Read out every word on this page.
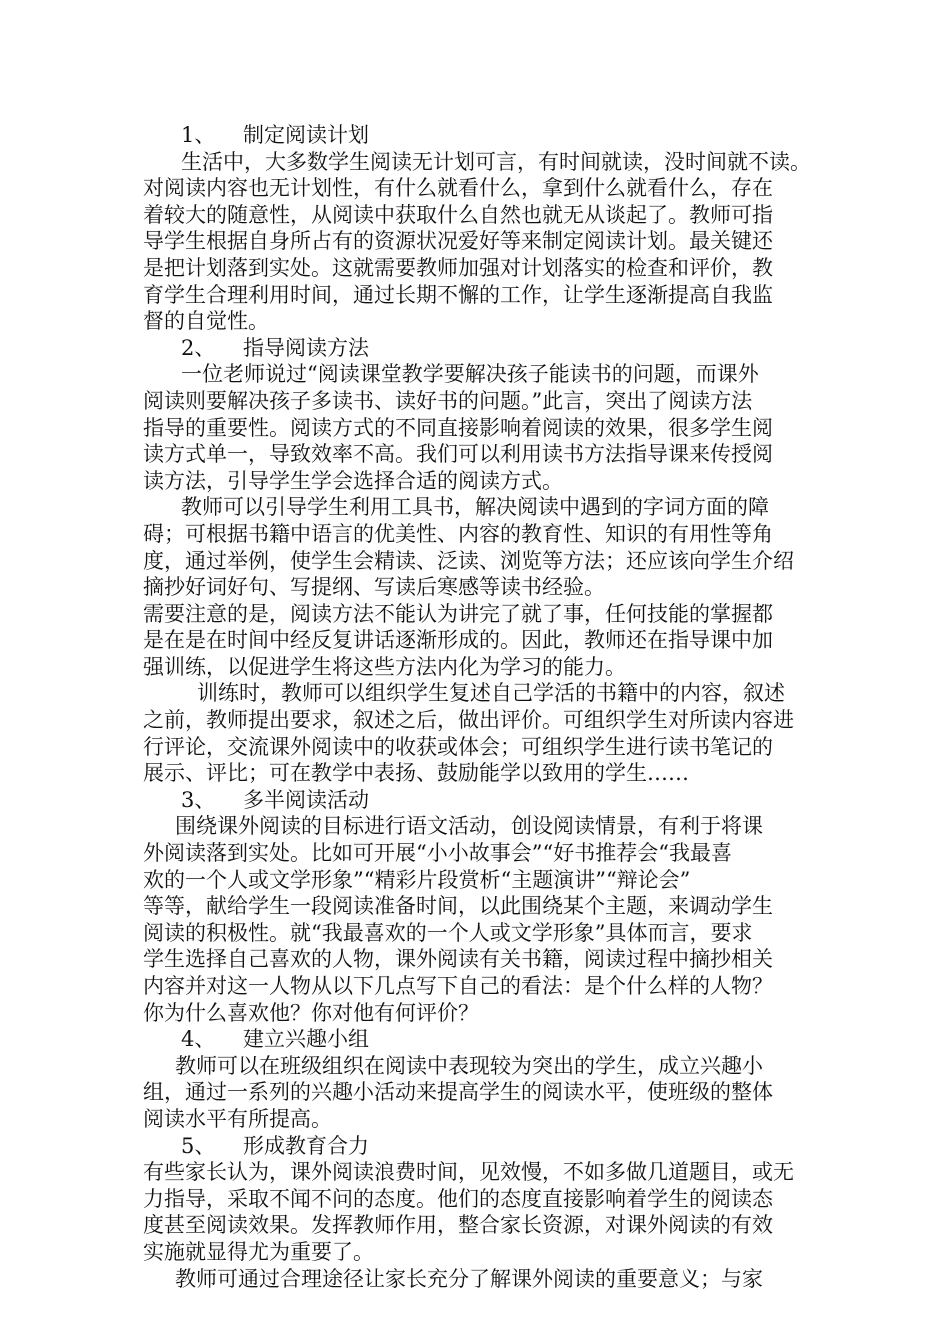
1、 制定阅读计划
生活中，大多数学生阅读无计划可言，有时间就读，没时间就不读。
对阅读内容也无计划性，有什么就看什么，拿到什么就看什么，存在
着较大的随意性，从阅读中获取什么自然也就无从谈起了。教师可指
导学生根据自身所占有的资源状况爱好等来制定阅读计划。最关键还
是把计划落到实处。这就需要教师加强对计划落实的检查和评价，教
育学生合理利用时间，通过长期不懈的工作，让学生逐渐提高自我监
督的自觉性。
2、 指导阅读方法
一位老师说过“阅读课堂教学要解决孩子能读书的问题，而课外
阅读则要解决孩子多读书、读好书的问题。”此言，突出了阅读方法
指导的重要性。阅读方式的不同直接影响着阅读的效果，很多学生阅
读方式单一，导致效率不高。我们可以利用读书方法指导课来传授阅
读方法，引导学生学会选择合适的阅读方式。
教师可以引导学生利用工具书，解决阅读中遇到的字词方面的障
碍；可根据书籍中语言的优美性、内容的教育性、知识的有用性等角
度，通过举例，使学生会精读、泛读、浏览等方法；还应该向学生介绍
摘抄好词好句、写提纲、写读后寒感等读书经验。
需要注意的是，阅读方法不能认为讲完了就了事，任何技能的掌握都
是在是在时间中经反复讲话逐渐形成的。因此，教师还在指导课中加
强训练，以促进学生将这些方法内化为学习的能力。
训练时，教师可以组织学生复述自己学活的书籍中的内容，叙述
之前，教师提出要求，叙述之后，做出评价。可组织学生对所读内容进
行评论，交流课外阅读中的收获或体会；可组织学生进行读书笔记的
展示、评比；可在教学中表扬、鼓励能学以致用的学生……
3、 多半阅读活动
围绕课外阅读的目标进行语文活动，创设阅读情景，有利于将课
外阅读落到实处。比如可开展“小小故事会”“好书推荐会“我最喜
欢的一个人或文学形象”“精彩片段赏析“主题演讲”“辩论会”
等等，献给学生一段阅读准备时间，以此围绕某个主题，来调动学生
阅读的积极性。就“我最喜欢的一个人或文学形象”具体而言，要求
学生选择自己喜欢的人物，课外阅读有关书籍，阅读过程中摘抄相关
内容并对这一人物从以下几点写下自己的看法：是个什么样的人物？
你为什么喜欢他？你对他有何评价？
4、 建立兴趣小组
教师可以在班级组织在阅读中表现较为突出的学生，成立兴趣小
组，通过一系列的兴趣小活动来提高学生的阅读水平，使班级的整体
阅读水平有所提高。
5、 形成教育合力
有些家长认为，课外阅读浪费时间，见效慢，不如多做几道题目，或无
力指导，采取不闻不问的态度。他们的态度直接影响着学生的阅读态
度甚至阅读效果。发挥教师作用，整合家长资源，对课外阅读的有效
实施就显得尤为重要了。
教师可通过合理途径让家长充分了解课外阅读的重要意义；与家
